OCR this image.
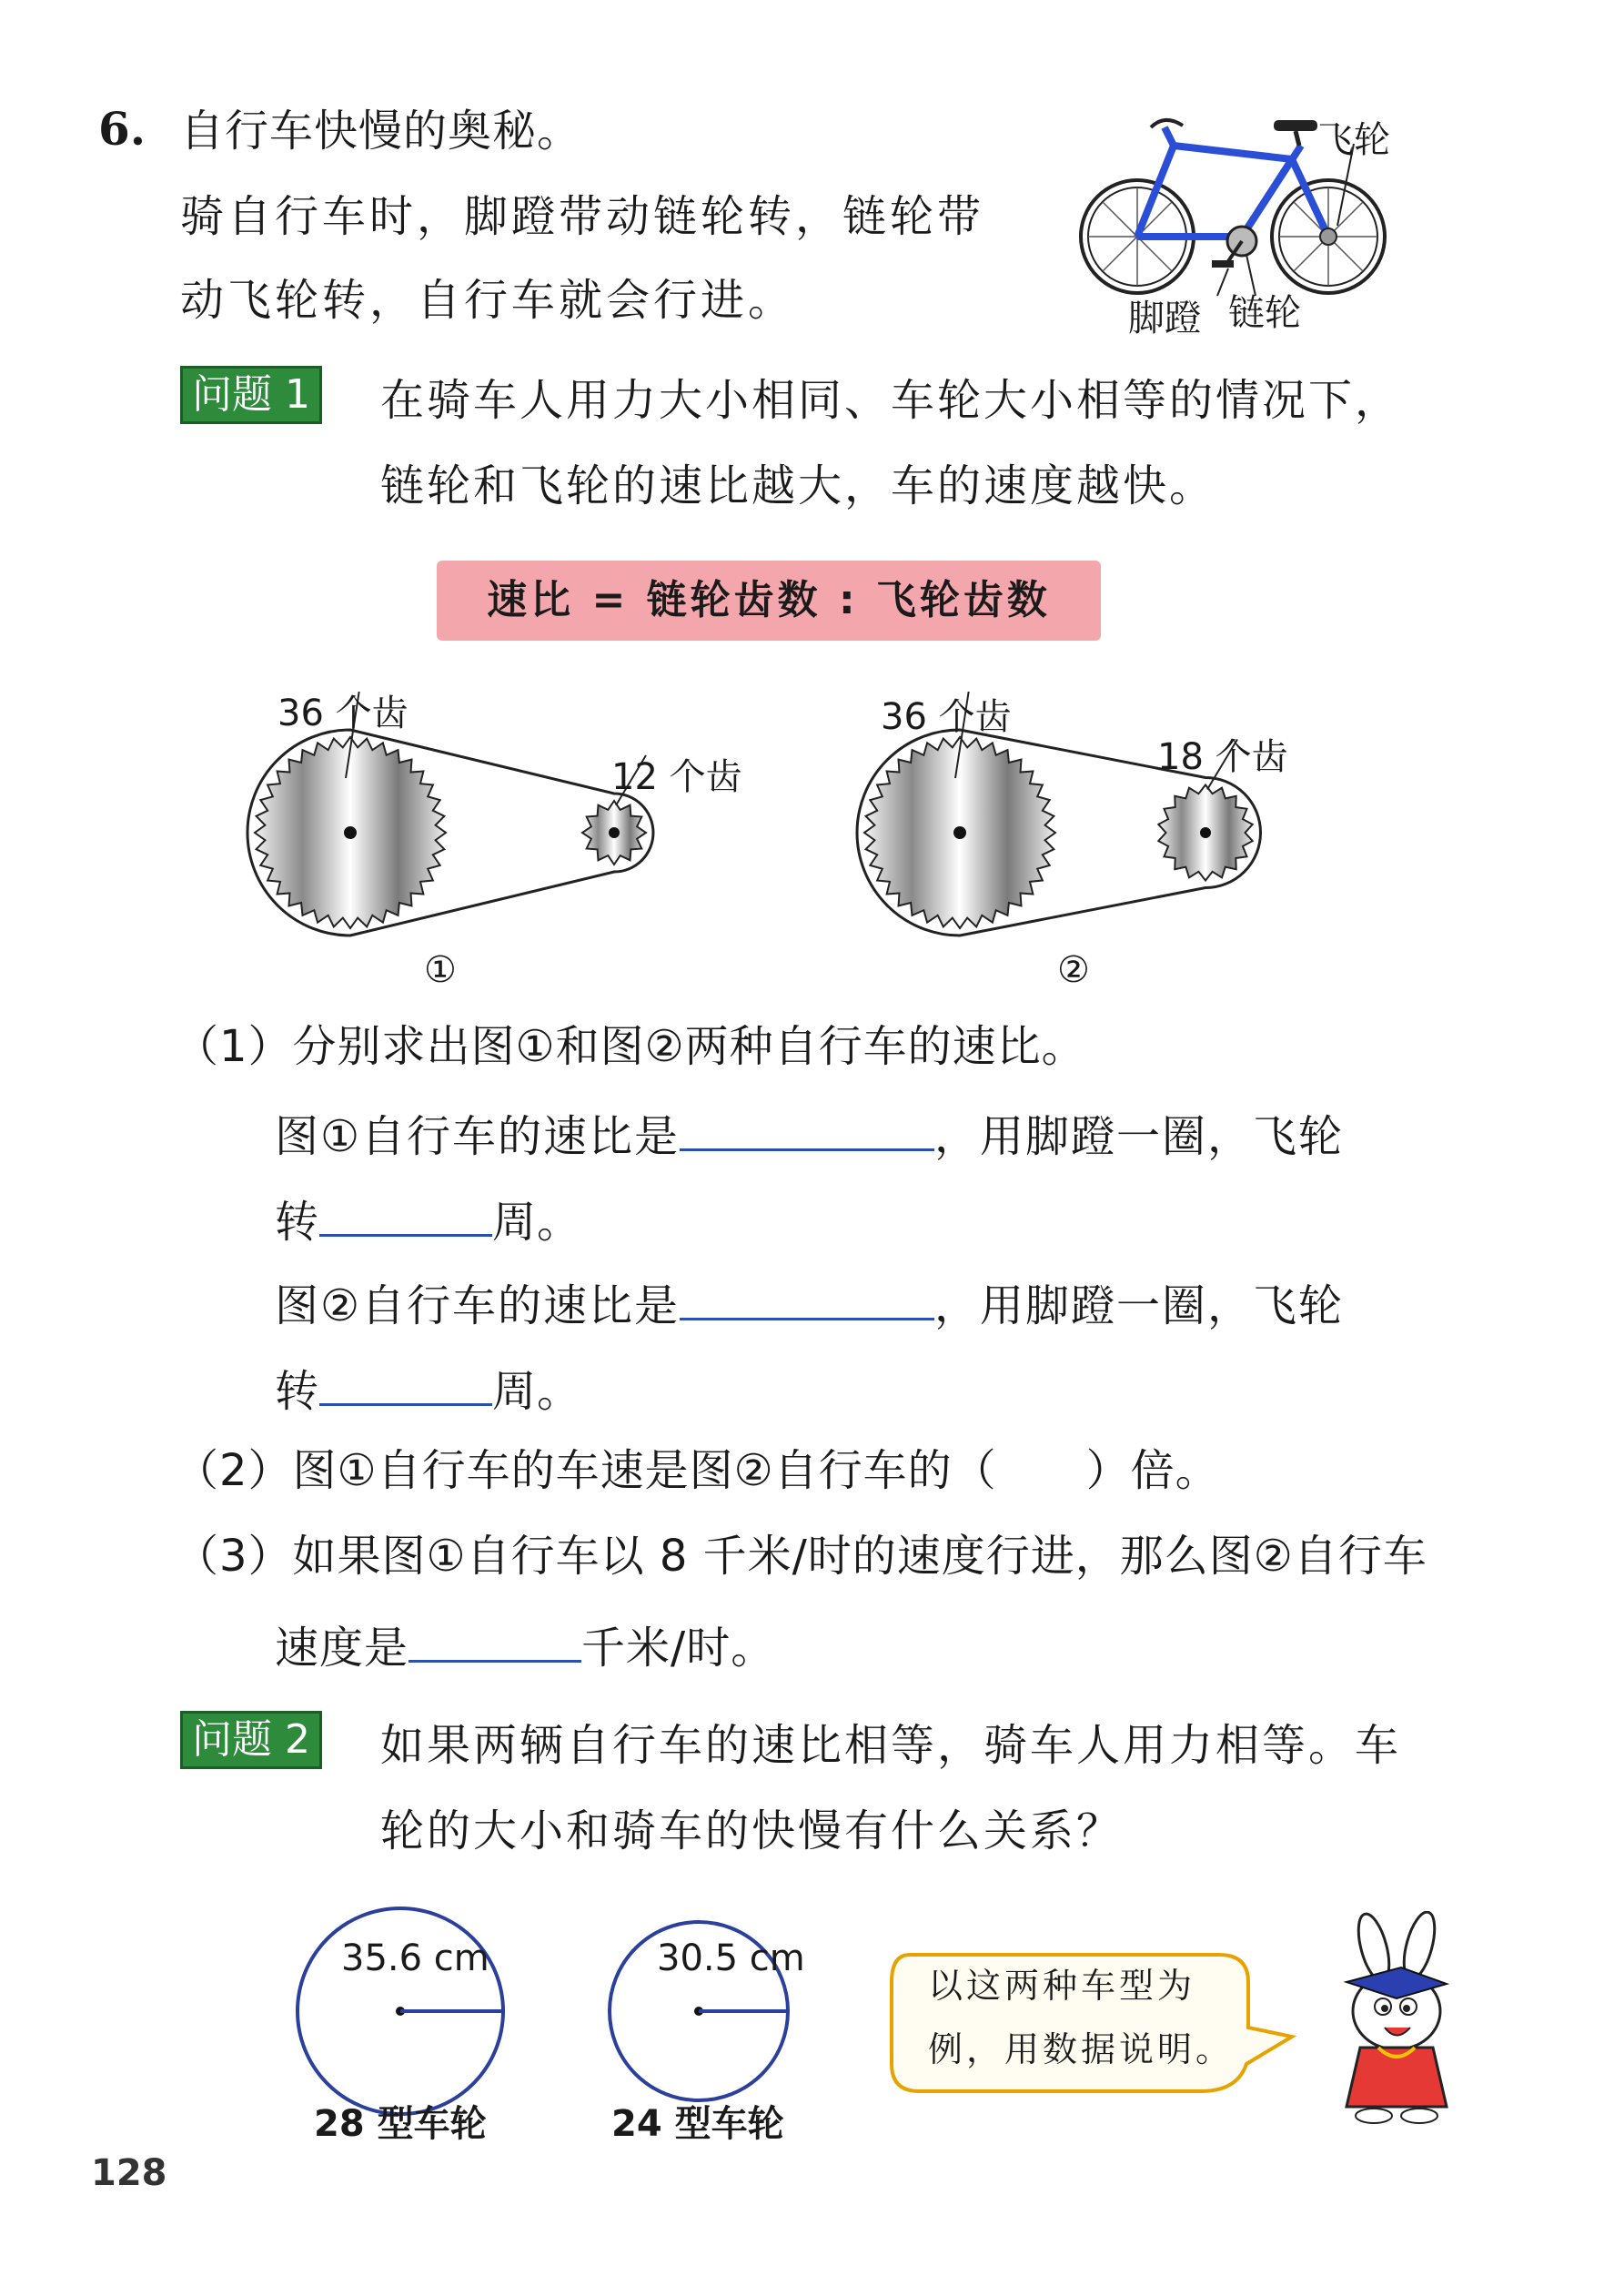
6. 自行车快慢的奥秘。
骑自行车时，脚蹬带动链轮转，链轮带
动飞轮转，自行车就会行进。
飞轮
脚蹬 链轮
问题 1 在骑车人用力大小相同、车轮大小相等的情况下，
链轮和飞轮的速比越大，车的速度越快。
速比 = 链轮齿数 : 飞轮齿数
36 个齿
12 个齿
36 个齿
18 个齿
①	②
（1）分别求出图①和图②两种自行车的速比。
图①自行车的速比是	，用脚蹬一圈，飞轮
转	周。
图②自行车的速比是	，用脚蹬一圈，飞轮
转	周。
（2）图①自行车的车速是图②自行车的（　　）倍。
（3）如果图①自行车以 8 千米/时的速度行进，那么图②自行车
速度是	千米/时。
问题 2 如果两辆自行车的速比相等，骑车人用力相等。车
轮的大小和骑车的快慢有什么关系？
35.6 cm	30.5 cm
28 型车轮	24 型车轮
以这两种车型为
例，用数据说明。
128
